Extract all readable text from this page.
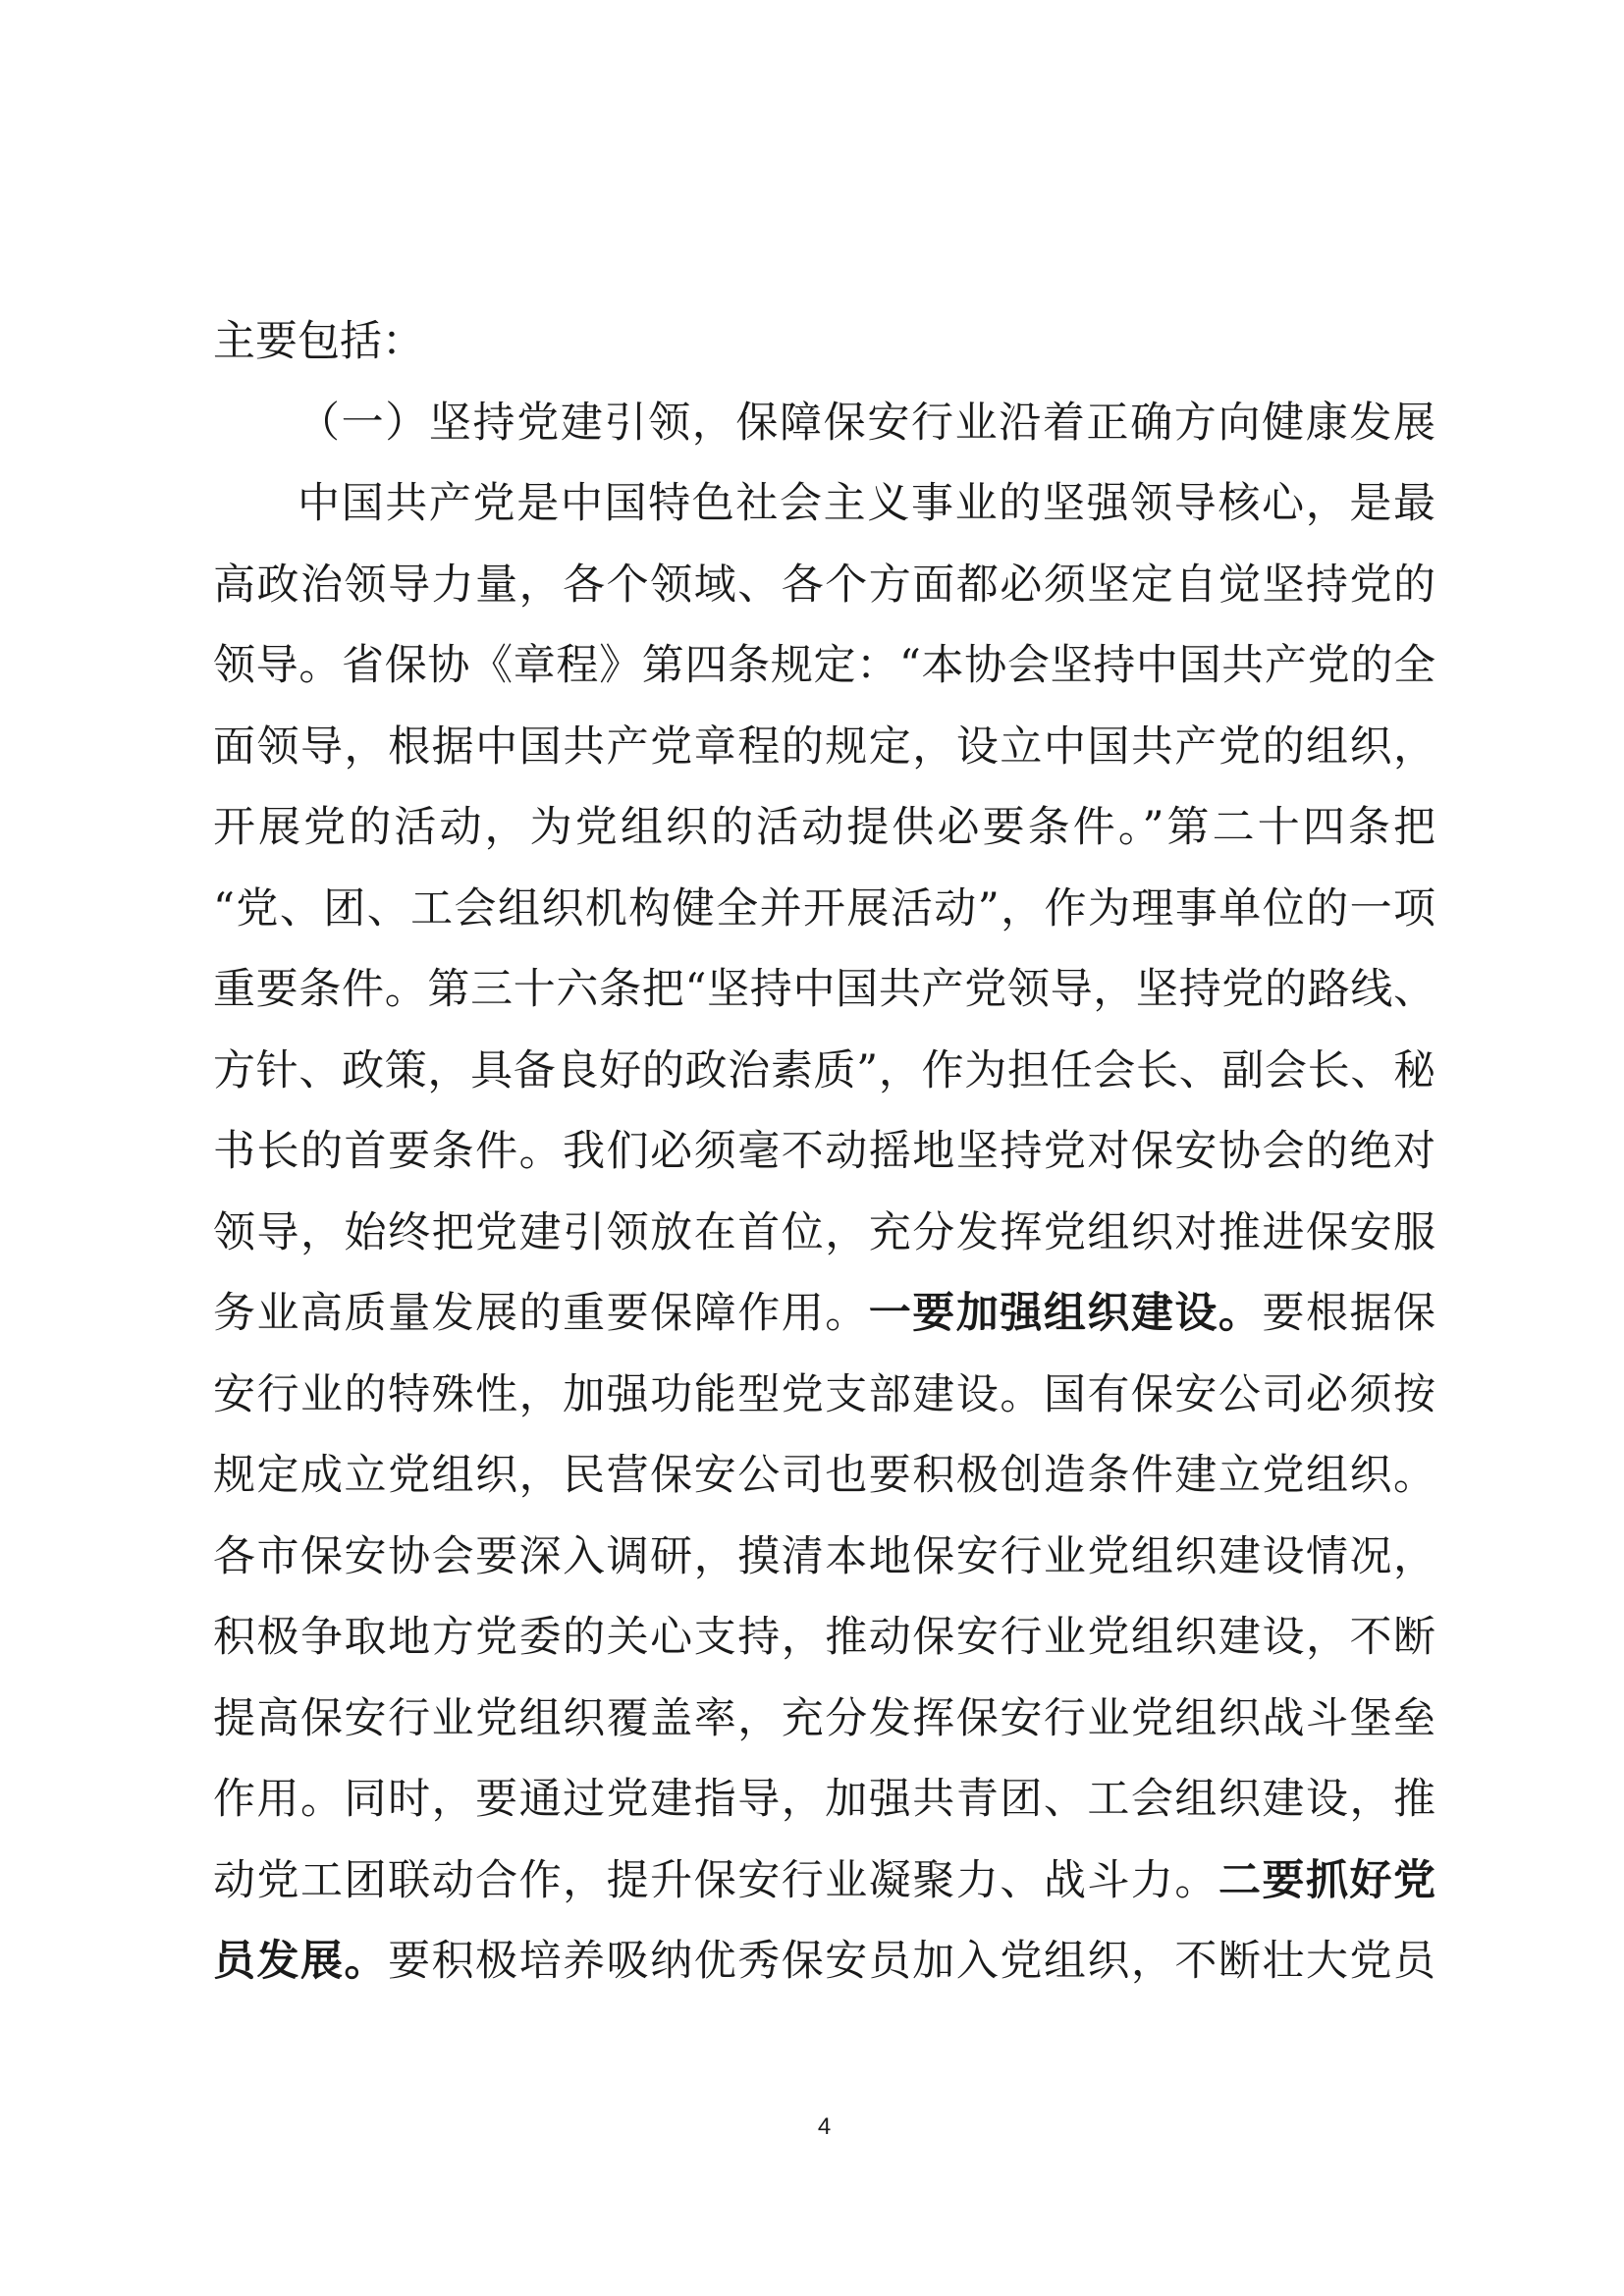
主要包括：
（一）坚持党建引领，保障保安行业沿着正确方向健康发展
中国共产党是中国特色社会主义事业的坚强领导核心，是最
高政治领导力量，各个领域、各个方面都必须坚定自觉坚持党的
领导。省保协《章程》第四条规定：“本协会坚持中国共产党的全
面领导，根据中国共产党章程的规定，设立中国共产党的组织，
开展党的活动，为党组织的活动提供必要条件。”第二十四条把
“党、团、工会组织机构健全并开展活动”，作为理事单位的一项
重要条件。第三十六条把“坚持中国共产党领导，坚持党的路线、
方针、政策，具备良好的政治素质”，作为担任会长、副会长、秘
书长的首要条件。我们必须毫不动摇地坚持党对保安协会的绝对
领导，始终把党建引领放在首位，充分发挥党组织对推进保安服
务业高质量发展的重要保障作用。一要加强组织建设。要根据保
安行业的特殊性，加强功能型党支部建设。国有保安公司必须按
规定成立党组织，民营保安公司也要积极创造条件建立党组织。
各市保安协会要深入调研，摸清本地保安行业党组织建设情况，
积极争取地方党委的关心支持，推动保安行业党组织建设，不断
提高保安行业党组织覆盖率，充分发挥保安行业党组织战斗堡垒
作用。同时，要通过党建指导，加强共青团、工会组织建设，推
动党工团联动合作，提升保安行业凝聚力、战斗力。二要抓好党
员发展。要积极培养吸纳优秀保安员加入党组织，不断壮大党员
4
